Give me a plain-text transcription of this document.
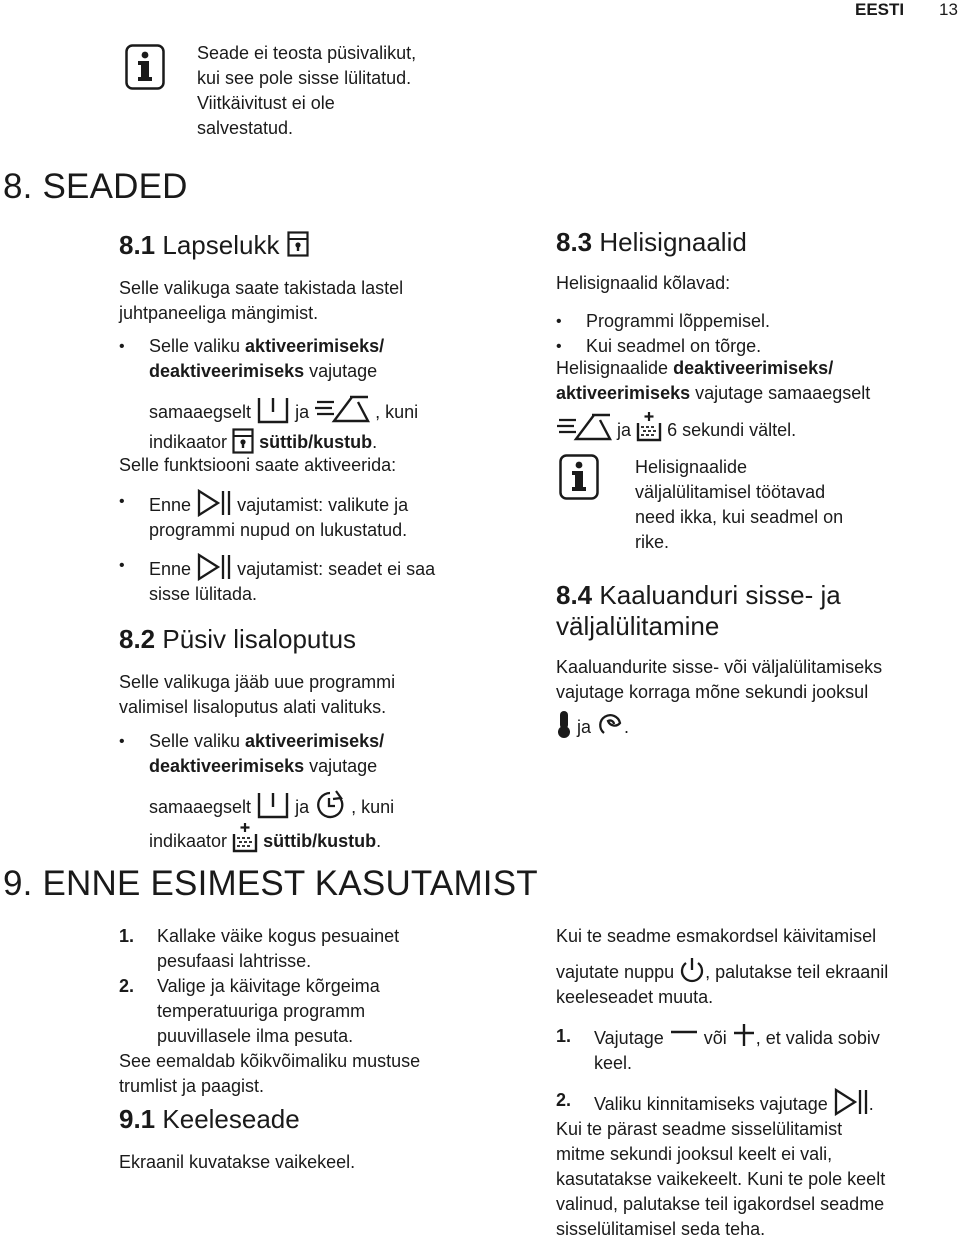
EESTI 13
Seade ei teosta püsivalikut,
kui see pole sisse lülitatud.
Viitkäivitust ei ole
salvestatud.
8. SEADED
8.1 Lapselukk
Selle valikuga saate takistada lastel
juhtpaneeliga mängimist.
• Selle valiku aktiveerimiseks/
deaktiveerimiseks vajutage
samaaegselt ja	, kuni
indikaator süttib/kustub.
Selle funktsiooni saate aktiveerida:
• Enne	vajutamist: valikute ja
programmi nupud on lukustatud.
• Enne	vajutamist: seadet ei saa
sisse lülitada.
8.2 Püsiv lisaloputus
Selle valikuga jääb uue programmi
valimisel lisaloputus alati valituks.
• Selle valiku aktiveerimiseks/
deaktiveerimiseks vajutage
samaaegselt ja , kuni
indikaator süttib/kustub.
8.3 Helisignaalid
Helisignaalid kõlavad:
• Programmi lõppemisel.
• Kui seadmel on tõrge.
Helisignaalide deaktiveerimiseks/
aktiveerimiseks vajutage samaaegselt
ja 6 sekundi vältel.
Helisignaalide
väljalülitamisel töötavad
need ikka, kui seadmel on
rike.
8.4 Kaaluanduri sisse- ja
väljalülitamine
Kaaluandurite sisse- või väljalülitamiseks
vajutage korraga mõne sekundi jooksul
ja .
9. ENNE ESIMEST KASUTAMIST
1. Kallake väike kogus pesuainet
pesufaasi lahtrisse.
2. Valige ja käivitage kõrgeima
temperatuuriga programm
puuvillasele ilma pesuta.
See eemaldab kõikvõimaliku mustuse
trumlist ja paagist.
9.1 Keeleseade
Ekraanil kuvatakse vaikekeel.
Kui te seadme esmakordsel käivitamisel
vajutate nuppu , palutakse teil ekraanil
keeleseadet muuta.
1. Vajutage või , et valida sobiv
keel.
2. Valiku kinnitamiseks vajutage .
Kui te pärast seadme sisselülitamist
mitme sekundi jooksul keelt ei vali,
kasutatakse vaikekeelt. Kuni te pole keelt
valinud, palutakse teil igakordsel seadme
sisselülitamisel seda teha.
